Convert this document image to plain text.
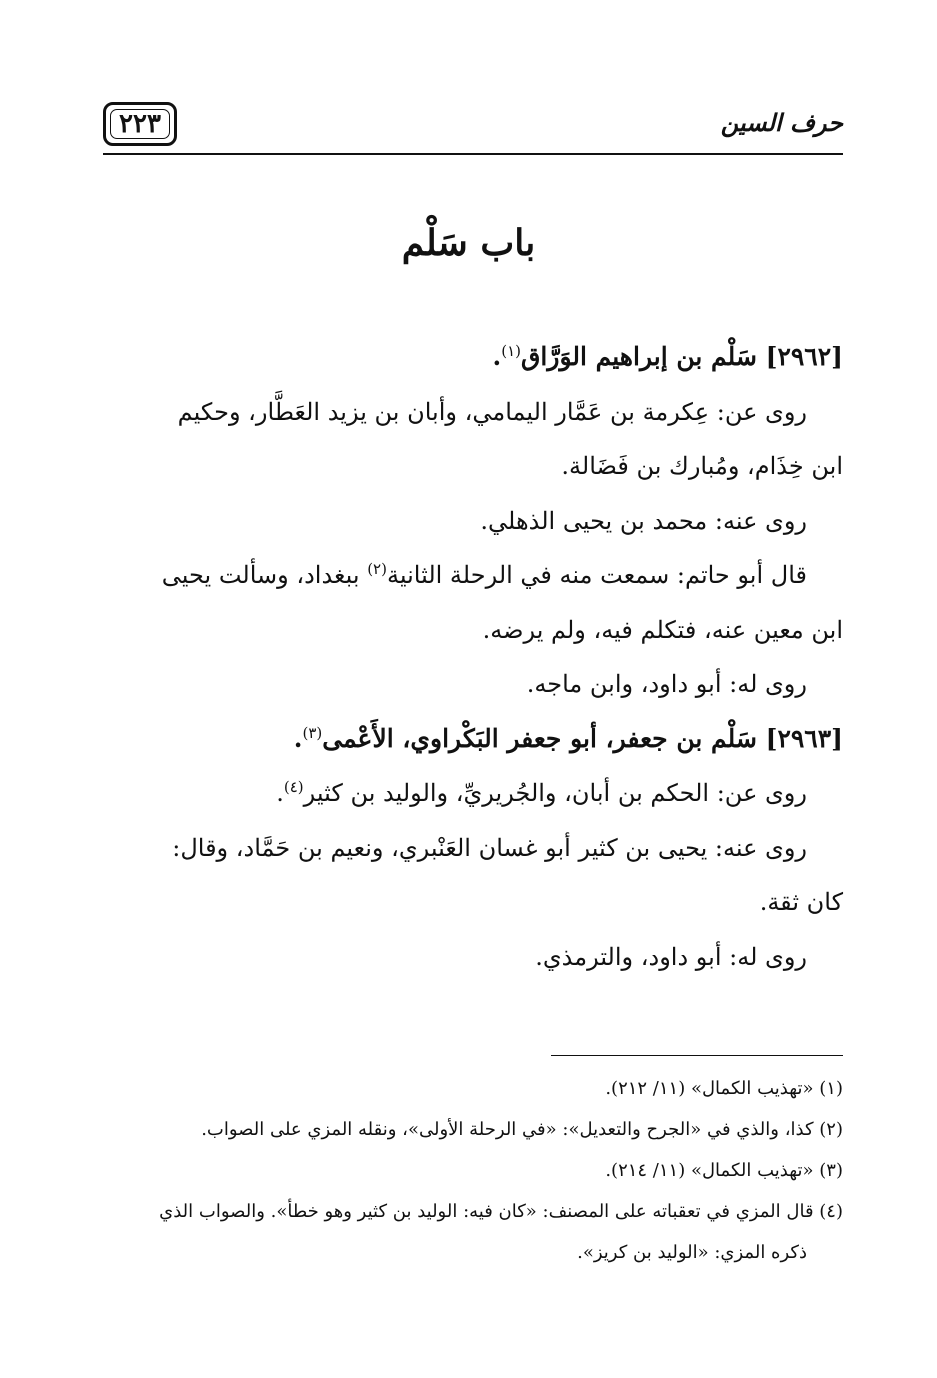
٢٢٣	حرف السين
باب سَلْم

[٢٩٦٢] سَلْم بن إبراهيم الوَرَّاق$^{(١)}$.

روى عن: عِكرمة بن عَمَّار اليمامي، وأبان بن يزيد العَطَّار، وحكيم

ابن خِذَام، ومُبارك بن فَضَالة.

روى عنه: محمد بن يحيى الذهلي.

قال أبو حاتم: سمعت منه في الرحلة الثانية$^{(٢)}$ ببغداد، وسألت يحيى

ابن معين عنه، فتكلم فيه، ولم يرضه.

روى له: أبو داود، وابن ماجه.

[٢٩٦٣] سَلْم بن جعفر، أبو جعفر البَكْراوي، الأَعْمى$^{(٣)}$.

روى عن: الحكم بن أبان، والجُريريِّ، والوليد بن كثير$^{(٤)}$.

روى عنه: يحيى بن كثير أبو غسان العَنْبري، ونعيم بن حَمَّاد، وقال:

كان ثقة.

روى له: أبو داود، والترمذي.

(١) «تهذيب الكمال» (١١/ ٢١٢).

(٢) كذا، والذي في «الجرح والتعديل»: «في الرحلة الأولى»، ونقله المزي على الصواب.

(٣) «تهذيب الكمال» (١١/ ٢١٤).

(٤) قال المزي في تعقباته على المصنف: «كان فيه: الوليد بن كثير وهو خطأ». والصواب الذي

ذكره المزي: «الوليد بن كريز».
